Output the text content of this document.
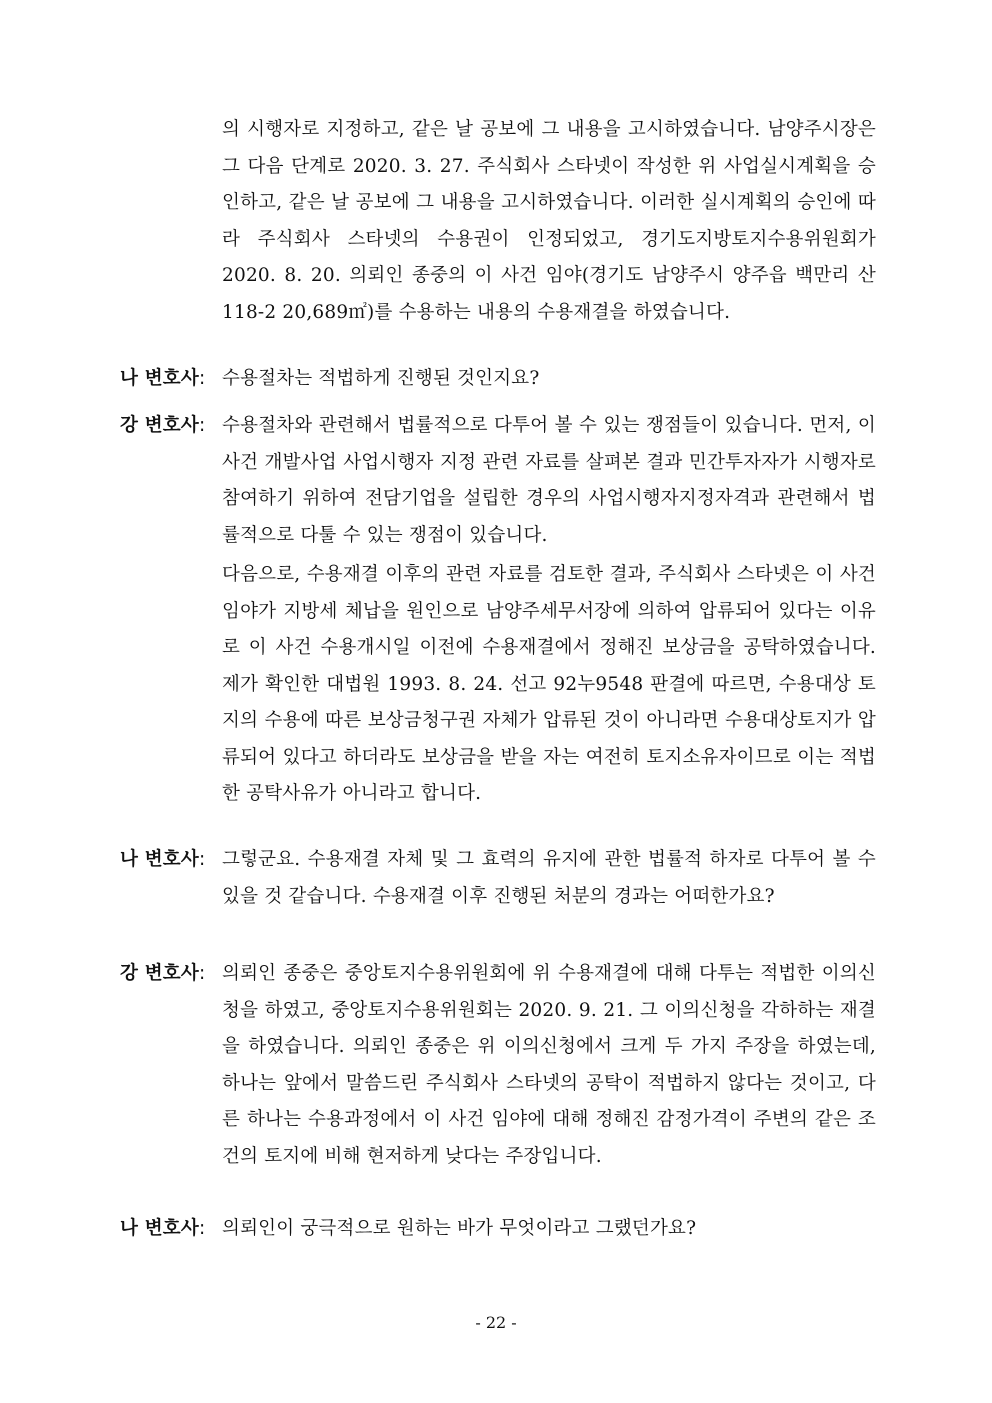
의 시행자로 지정하고, 같은 날 공보에 그 내용을 고시하였습니다. 남양주시장은 그 다음 단계로 2020. 3. 27. 주식회사 스타넷이 작성한 위 사업실시계획을 승인하고, 같은 날 공보에 그 내용을 고시하였습니다. 이러한 실시계획의 승인에 따라 주식회사 스타넷의 수용권이 인정되었고, 경기도지방토지수용위원회가 2020. 8. 20. 의뢰인 종중의 이 사건 임야(경기도 남양주시 양주읍 백만리 산 118-2 20,689㎡)를 수용하는 내용의 수용재결을 하였습니다.

나 변호사: 수용절차는 적법하게 진행된 것인지요?

강 변호사: 수용절차와 관련해서 법률적으로 다투어 볼 수 있는 쟁점들이 있습니다. 먼저, 이 사건 개발사업 사업시행자 지정 관련 자료를 살펴본 결과 민간투자자가 시행자로 참여하기 위하여 전담기업을 설립한 경우의 사업시행자지정자격과 관련해서 법률적으로 다툴 수 있는 쟁점이 있습니다.

다음으로, 수용재결 이후의 관련 자료를 검토한 결과, 주식회사 스타넷은 이 사건 임야가 지방세 체납을 원인으로 남양주세무서장에 의하여 압류되어 있다는 이유로 이 사건 수용개시일 이전에 수용재결에서 정해진 보상금을 공탁하였습니다. 제가 확인한 대법원 1993. 8. 24. 선고 92누9548 판결에 따르면, 수용대상 토지의 수용에 따른 보상금청구권 자체가 압류된 것이 아니라면 수용대상토지가 압류되어 있다고 하더라도 보상금을 받을 자는 여전히 토지소유자이므로 이는 적법한 공탁사유가 아니라고 합니다.

나 변호사: 그렇군요. 수용재결 자체 및 그 효력의 유지에 관한 법률적 하자로 다투어 볼 수 있을 것 같습니다. 수용재결 이후 진행된 처분의 경과는 어떠한가요?

강 변호사: 의뢰인 종중은 중앙토지수용위원회에 위 수용재결에 대해 다투는 적법한 이의신청을 하였고, 중앙토지수용위원회는 2020. 9. 21. 그 이의신청을 각하하는 재결을 하였습니다. 의뢰인 종중은 위 이의신청에서 크게 두 가지 주장을 하였는데, 하나는 앞에서 말씀드린 주식회사 스타넷의 공탁이 적법하지 않다는 것이고, 다른 하나는 수용과정에서 이 사건 임야에 대해 정해진 감정가격이 주변의 같은 조건의 토지에 비해 현저하게 낮다는 주장입니다.

나 변호사: 의뢰인이 궁극적으로 원하는 바가 무엇이라고 그랬던가요?

- 22 -
